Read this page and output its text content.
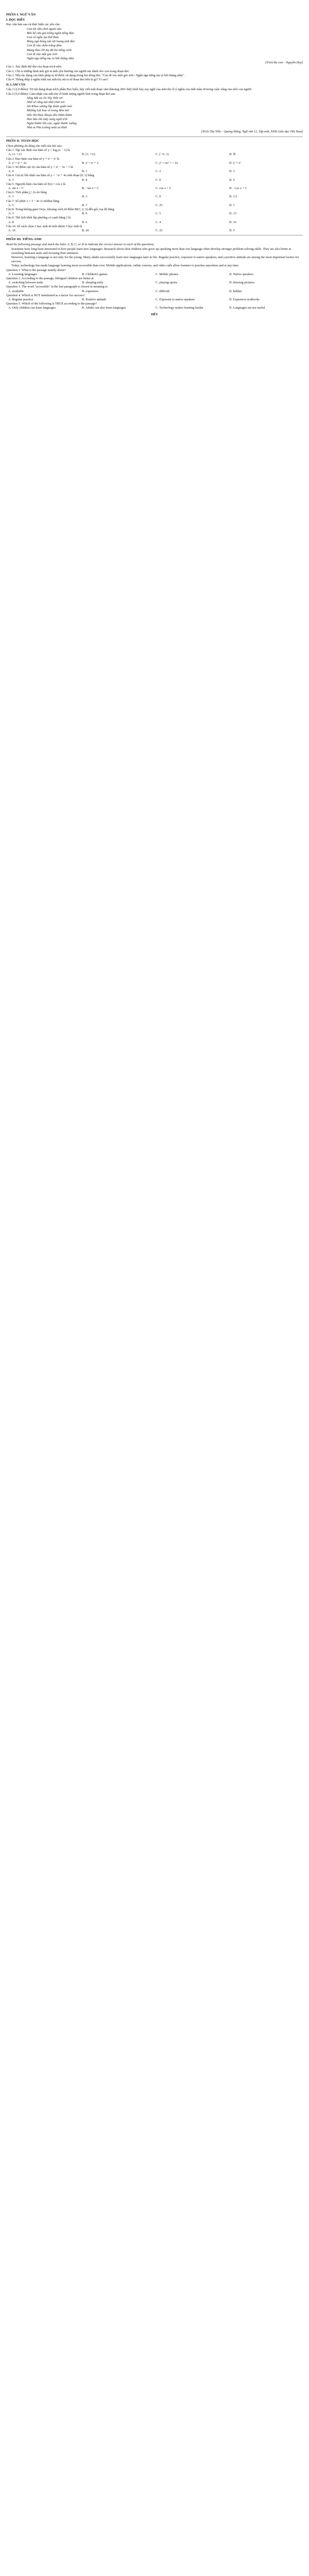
PHẦN I. NGỮ VĂN
I. ĐỌC HIỂU

Đọc văn bản sau và thực hiện các yêu cầu:

Con tôi vẫn chơi ngoài sân

Bốn bề cửa gió trăng ngân tiếng đàn

Con về nghe mẹ thở than

Bóng ngô bóng núi vệt loang ánh đèn

Con đi vào chốn trăng đêm

Mang theo lời mẹ đã êm tiếng cười

Con đi vào một góc trời

Ngân nga tiếng mẹ ru hời tháng năm

(Trích Ru con – Nguyễn Duy)

Câu 1. Xác định thể thơ của đoạn trích trên.

Câu 2. Chỉ ra những hình ảnh gợi tả tình yêu thương của người mẹ dành cho con trong đoạn thơ.

Câu 3. Nêu tác dụng của biện pháp tu từ được sử dụng trong hai dòng thơ: "Con đi vào một góc trời / Ngân nga tiếng mẹ ru hời tháng năm".

Câu 4. Thông điệp ý nghĩa nhất mà anh/chị rút ra từ đoạn thơ trên là gì? Vì sao?

II. LÀM VĂN

Câu 1 (2,0 điểm): Từ nội dung đoạn trích phần Đọc hiểu, hãy viết một đoạn văn (khoảng 200 chữ) trình bày suy nghĩ của anh/chị về ý nghĩa của tình mẫu tử trong cuộc sống của mỗi con người.

Câu 2 (5,0 điểm): Cảm nhận của anh/chị về hình tượng người lính trong đoạn thơ sau:

Sông Mã xa rồi Tây Tiến ơi!

Nhớ về rừng núi nhớ chơi vơi

Sài Khao sương lấp đoàn quân mỏi

Mường Lát hoa về trong đêm hơi

Dốc lên khúc khuỷu dốc thăm thẳm

Heo hút cồn mây súng ngửi trời

Ngàn thước lên cao, ngàn thước xuống

Nhà ai Pha Luông mưa xa khơi

(Trích Tây Tiến – Quang Dũng, Ngữ văn 12, Tập một, NXB Giáo dục Việt Nam)

PHẦN II. TOÁN HỌC

Chọn phương án đúng cho mỗi câu hỏi sau:

Câu 1. Tập xác định của hàm số y = log₂(x − 1) là

A. (1; +∞)	B. [1; +∞)	C. (−∞; 1)	D. ℝ

Câu 2. Đạo hàm của hàm số y = eˣ + x² là

A. y' = eˣ + 2x	B. y' = eˣ + x	C. y' = xeˣ⁻¹ + 2x	D. y' = eˣ

Câu 3. Số điểm cực trị của hàm số y = x³ − 3x + 1 là

A. 0	B. 1	C. 2	D. 3

Câu 4. Giá trị lớn nhất của hàm số y = −x² + 4x trên đoạn [0; 3] bằng

A. 3	B. 4	C. 0	D. 5

Câu 5. Nguyên hàm của hàm số f(x) = cos x là

A. sin x + C	B. −sin x + C	C. cos x + C	D. −cos x + C

Câu 6. Tích phân ∫₀¹ 2x dx bằng

A. 1	B. 2	C. 0	D. 1/2

Câu 7. Số phức z = 3 − 4i có môđun bằng

A. 5	B. 7	C. 25	D. 1

Câu 8. Trong không gian Oxyz, khoảng cách từ điểm M(1; 2; 2) đến gốc tọa độ bằng

A. 3	B. 9	C. 5	D. √5

Câu 9. Thể tích khối lập phương có cạnh bằng 2 là

A. 8	B. 6	C. 4	D. 16

Câu 10. Số cách chọn 2 học sinh từ một nhóm 5 học sinh là

A. 10	B. 20	C. 25	D. 5
PHẦN III. TIẾNG ANH

Read the following passage and mark the letter A, B, C, or D to indicate the correct answer to each of the questions.

Scientists have long been interested in how people learn new languages. Research shows that children who grow up speaking more than one language often develop stronger problem-solving skills. They are also better at switching between tasks and focusing their attention.

However, learning a language is not only for the young. Many adults successfully learn new languages later in life. Regular practice, exposure to native speakers, and a positive attitude are among the most important factors for success.

Today, technology has made language learning more accessible than ever. Mobile applications, online courses, and video calls allow learners to practise anywhere and at any time.

Question 1. What is the passage mainly about?

A. Learning languages	B. Children's games	C. Mobile phones	D. Native speakers

Question 2. According to the passage, bilingual children are better at

A. switching between tasks	B. sleeping early	C. playing sports	D. drawing pictures

Question 3. The word "accessible" in the last paragraph is closest in meaning to

A. available	B. expensive	C. difficult	D. hidden

Question 4. Which is NOT mentioned as a factor for success?

A. Regular practice	B. Positive attitude	C. Exposure to native speakers	D. Expensive textbooks

Question 5. Which of the following is TRUE according to the passage?

A. Only children can learn languages	B. Adults can also learn languages	C. Technology makes learning harder	D. Languages are not useful

HẾT
